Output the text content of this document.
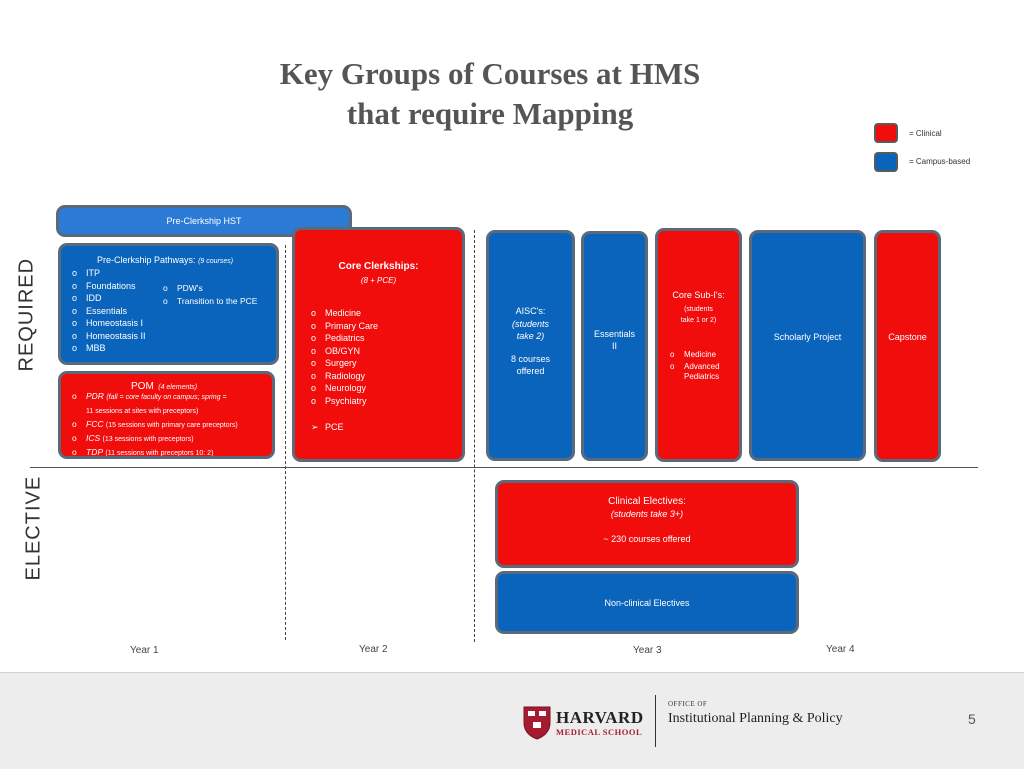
Key Groups of Courses at HMS
that require Mapping
= Clinical
= Campus-based
REQUIRED
ELECTIVE
Pre-Clerkship HST
Pre-Clerkship Pathways: (9 courses)
o ITP
o Foundations
o IDD
o Essentials
o Homeostasis I
o Homeostasis II
o MBB
o PDW's
o Transition to the PCE
POM (4 elements)
o PDR (fall = core faculty on campus; spring =
11 sessions at sites with preceptors)
o FCC (15 sessions with primary care preceptors)
o ICS (13 sessions with preceptors)
o TDP (11 sessions with preceptors 10: 2)
Core Clerkships:
(8 + PCE)
o Medicine
o Primary Care
o Pediatrics
o OB/GYN
o Surgery
o Radiology
o Neurology
o Psychiatry
➢ PCE
AISC's:
(students
take 2)
8 courses
offered
Essentials
II
Core Sub-I's:
(students
take 1 or 2)
o Medicine
o Advanced
Pediatrics
Scholarly Project	Capstone
Clinical Electives:
(students take 3+)
~ 230 courses offered
Non-clinical Electives
Year 1	Year 2	Year 3	Year 4
HARVARD
MEDICAL SCHOOL
OFFICE OF
Institutional Planning & Policy	5
